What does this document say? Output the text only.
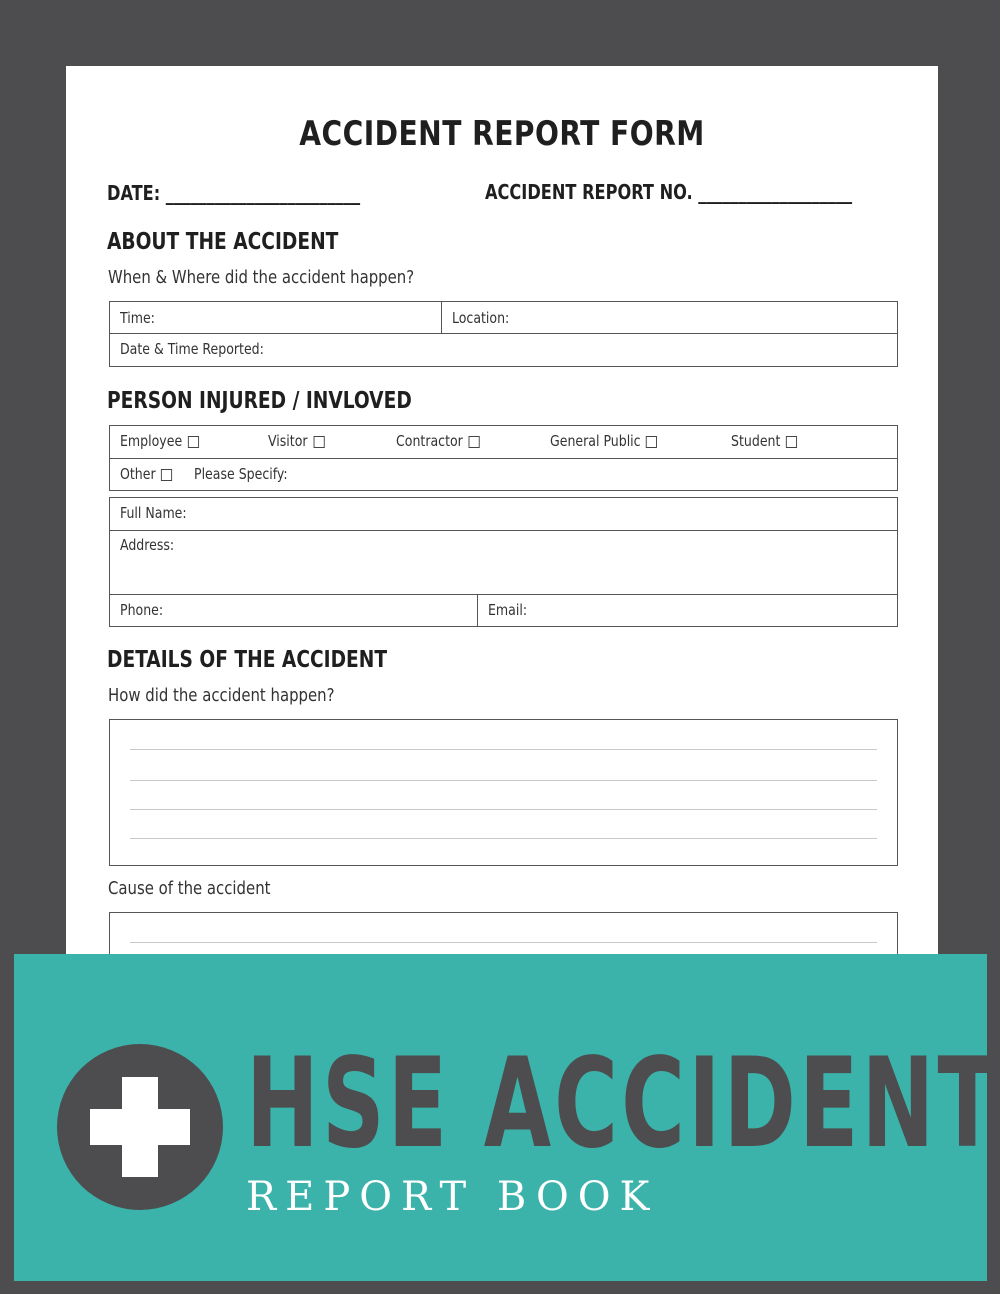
ACCIDENT REPORT FORM
DATE: ________________________	ACCIDENT REPORT NO. ___________________
ABOUT THE ACCIDENT
When & Where did the accident happen?
Time:	Location:
Date & Time Reported:
PERSON INJURED / INVLOVED
Employee	Visitor	Contractor	General Public	Student
Other	Please Specify:
Full Name:
Address:
Phone:	Email:
DETAILS OF THE ACCIDENT
How did the accident happen?
Cause of the accident
HSE ACCIDENT
REPORT BOOK
